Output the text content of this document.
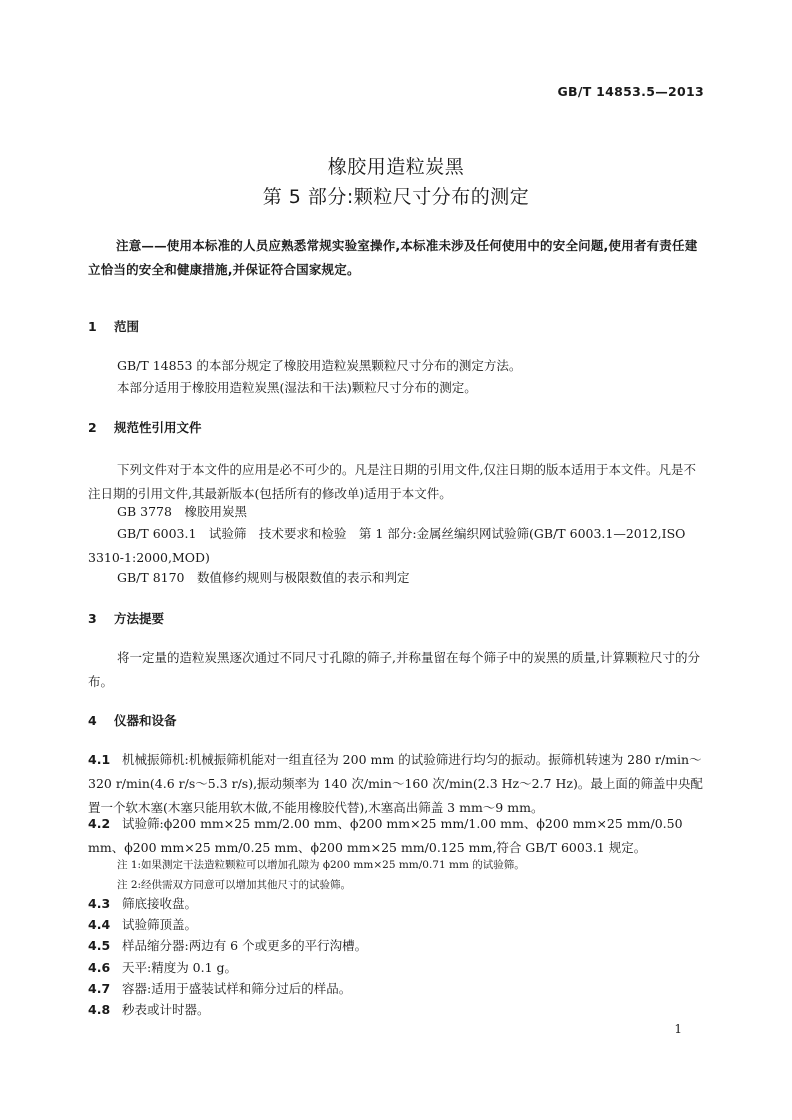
GB/T 14853.5—2013
橡胶用造粒炭黑
第 5 部分:颗粒尺寸分布的测定
注意——使用本标准的人员应熟悉常规实验室操作,本标准未涉及任何使用中的安全问题,使用者有责任建立恰当的安全和健康措施,并保证符合国家规定。
1 范围
GB/T 14853 的本部分规定了橡胶用造粒炭黑颗粒尺寸分布的测定方法。
本部分适用于橡胶用造粒炭黑(湿法和干法)颗粒尺寸分布的测定。
2 规范性引用文件
下列文件对于本文件的应用是必不可少的。凡是注日期的引用文件,仅注日期的版本适用于本文件。凡是不注日期的引用文件,其最新版本(包括所有的修改单)适用于本文件。
GB 3778　橡胶用炭黑
GB/T 6003.1　试验筛　技术要求和检验　第 1 部分:金属丝编织网试验筛(GB/T 6003.1—2012,ISO 3310-1:2000,MOD)
GB/T 8170　数值修约规则与极限数值的表示和判定
3 方法提要
将一定量的造粒炭黑逐次通过不同尺寸孔隙的筛子,并称量留在每个筛子中的炭黑的质量,计算颗粒尺寸的分布。
4 仪器和设备
4.1 机械振筛机:机械振筛机能对一组直径为 200 mm 的试验筛进行均匀的振动。振筛机转速为 280 r/min～320 r/min(4.6 r/s～5.3 r/s),振动频率为 140 次/min～160 次/min(2.3 Hz～2.7 Hz)。最上面的筛盖中央配置一个软木塞(木塞只能用软木做,不能用橡胶代替),木塞高出筛盖 3 mm～9 mm。
4.2 试验筛:ϕ200 mm×25 mm/2.00 mm、ϕ200 mm×25 mm/1.00 mm、ϕ200 mm×25 mm/0.50 mm、ϕ200 mm×25 mm/0.25 mm、ϕ200 mm×25 mm/0.125 mm,符合 GB/T 6003.1 规定。
注 1:如果测定干法造粒颗粒可以增加孔隙为 ϕ200 mm×25 mm/0.71 mm 的试验筛。
注 2:经供需双方同意可以增加其他尺寸的试验筛。
4.3 筛底接收盘。
4.4 试验筛顶盖。
4.5 样品缩分器:两边有 6 个或更多的平行沟槽。
4.6 天平:精度为 0.1 g。
4.7 容器:适用于盛装试样和筛分过后的样品。
4.8 秒表或计时器。
1
